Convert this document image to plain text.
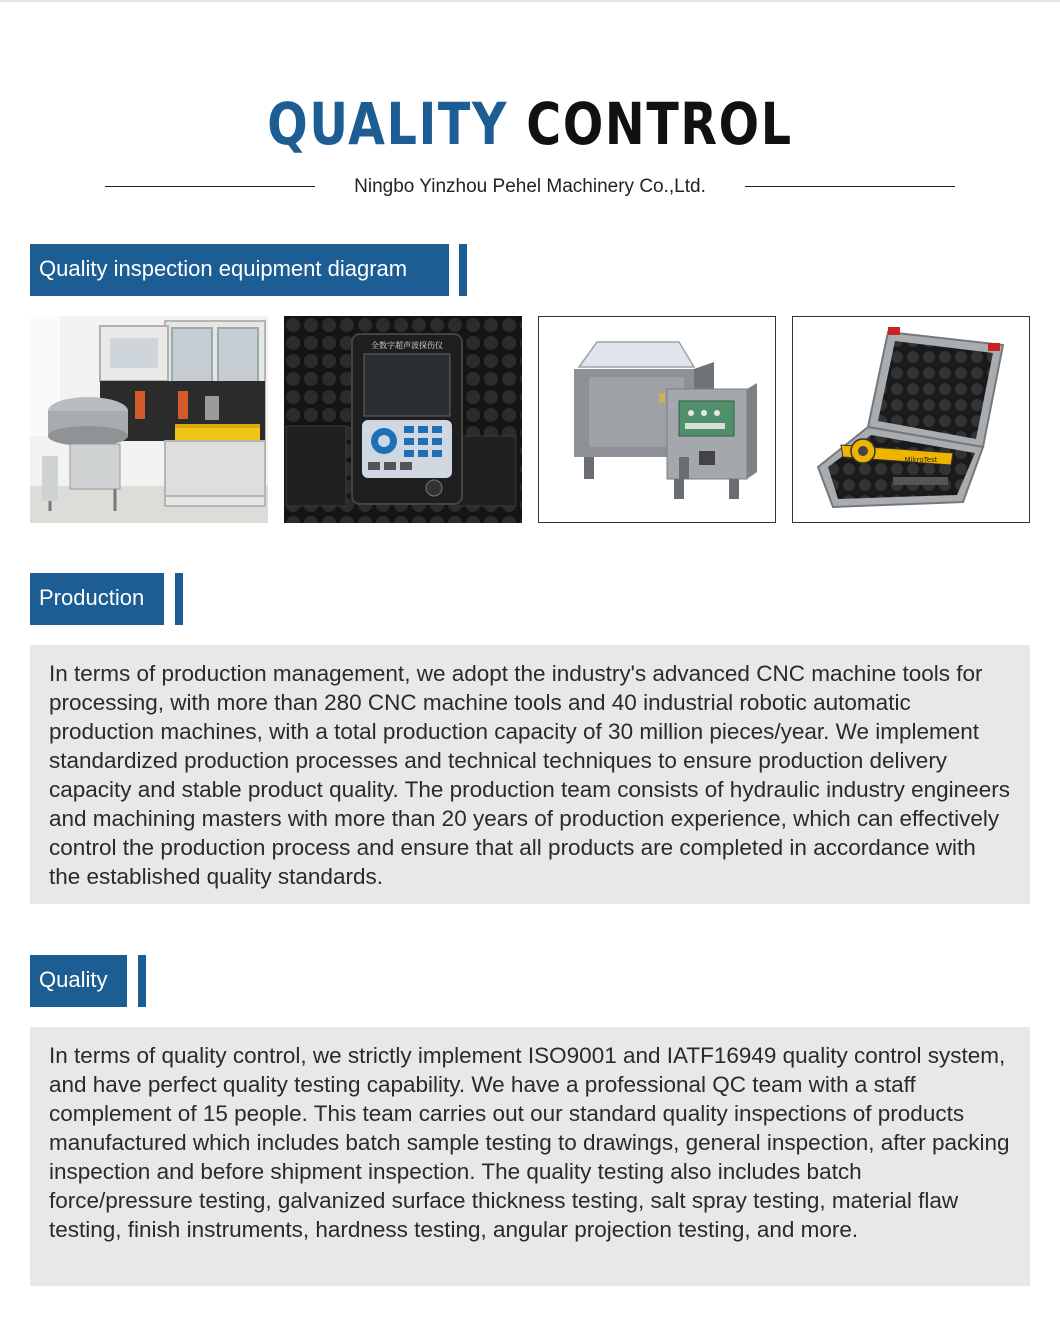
QUALITY CONTROL
Ningbo Yinzhou Pehel Machinery Co.,Ltd.
Quality inspection equipment diagram
全数字超声波探伤仪
MikroTest
Production
In terms of production management, we adopt the industry's advanced CNC machine tools for processing, with more than 280 CNC machine tools and 40 industrial robotic automatic production machines, with a total production capacity of 30 million pieces/year. We implement standardized production processes and technical techniques to ensure production delivery capacity and stable product quality. The production team consists of hydraulic industry engineers and machining masters with more than 20 years of production experience, which can effectively control the production process and ensure that all products are completed in accordance with the established quality standards.
Quality
In terms of quality control, we strictly implement ISO9001 and IATF16949 quality control system, and have perfect quality testing capability. We have a professional QC team with a staff complement of 15 people. This team carries out our standard quality inspections of products manufactured which includes batch sample testing to drawings, general inspection, after packing inspection and before shipment inspection. The quality testing also includes batch force/pressure testing, galvanized surface thickness testing, salt spray testing, material flaw testing, finish instruments, hardness testing, angular projection testing, and more.
